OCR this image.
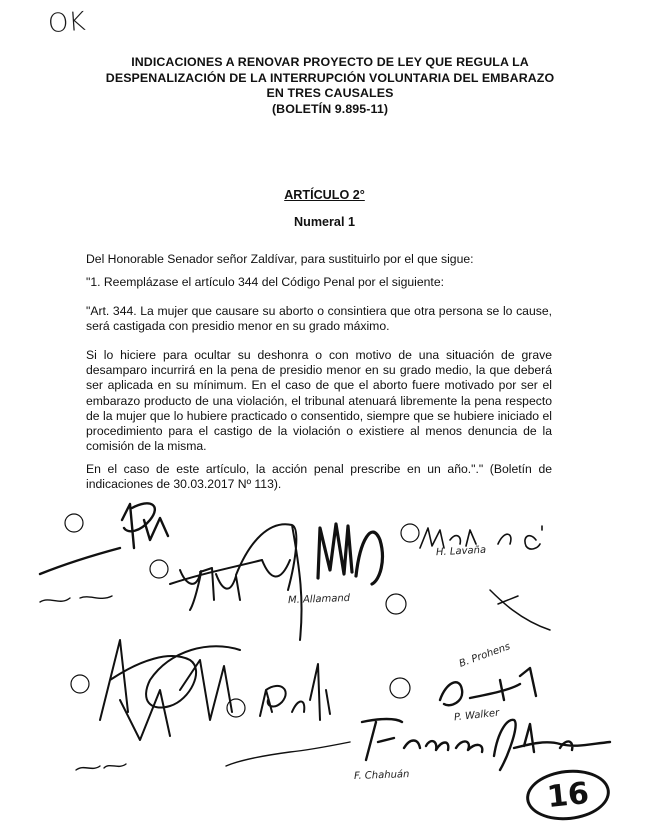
OK
INDICACIONES A RENOVAR PROYECTO DE LEY QUE REGULA LA
DESPENALIZACIÓN DE LA INTERRUPCIÓN VOLUNTARIA DEL EMBARAZO
EN TRES CAUSALES
(BOLETÍN 9.895-11)
ARTÍCULO 2°
Numeral 1
Del Honorable Senador señor Zaldívar, para sustituirlo por el que sigue:
"1. Reemplázase el artículo 344 del Código Penal por el siguiente:
"Art. 344. La mujer que causare su aborto o consintiera que otra persona se lo cause, será castigada con presidio menor en su grado máximo.
Si lo hiciere para ocultar su deshonra o con motivo de una situación de grave desamparo incurrirá en la pena de presidio menor en su grado medio, la que deberá ser aplicada en su mínimum. En el caso de que el aborto fuere motivado por ser el embarazo producto de una violación, el tribunal atenuará libremente la pena respecto de la mujer que lo hubiere practicado o consentido, siempre que se hubiere iniciado el procedimiento para el castigo de la violación o existiere al menos denuncia de la comisión de la misma.
En el caso de este artículo, la acción penal prescribe en un año."." (Boletín de indicaciones de 30.03.2017 Nº 113).
H. Lavaña
M. Allamand
B. Prohens
P. Walker
F. Chahuán	16
